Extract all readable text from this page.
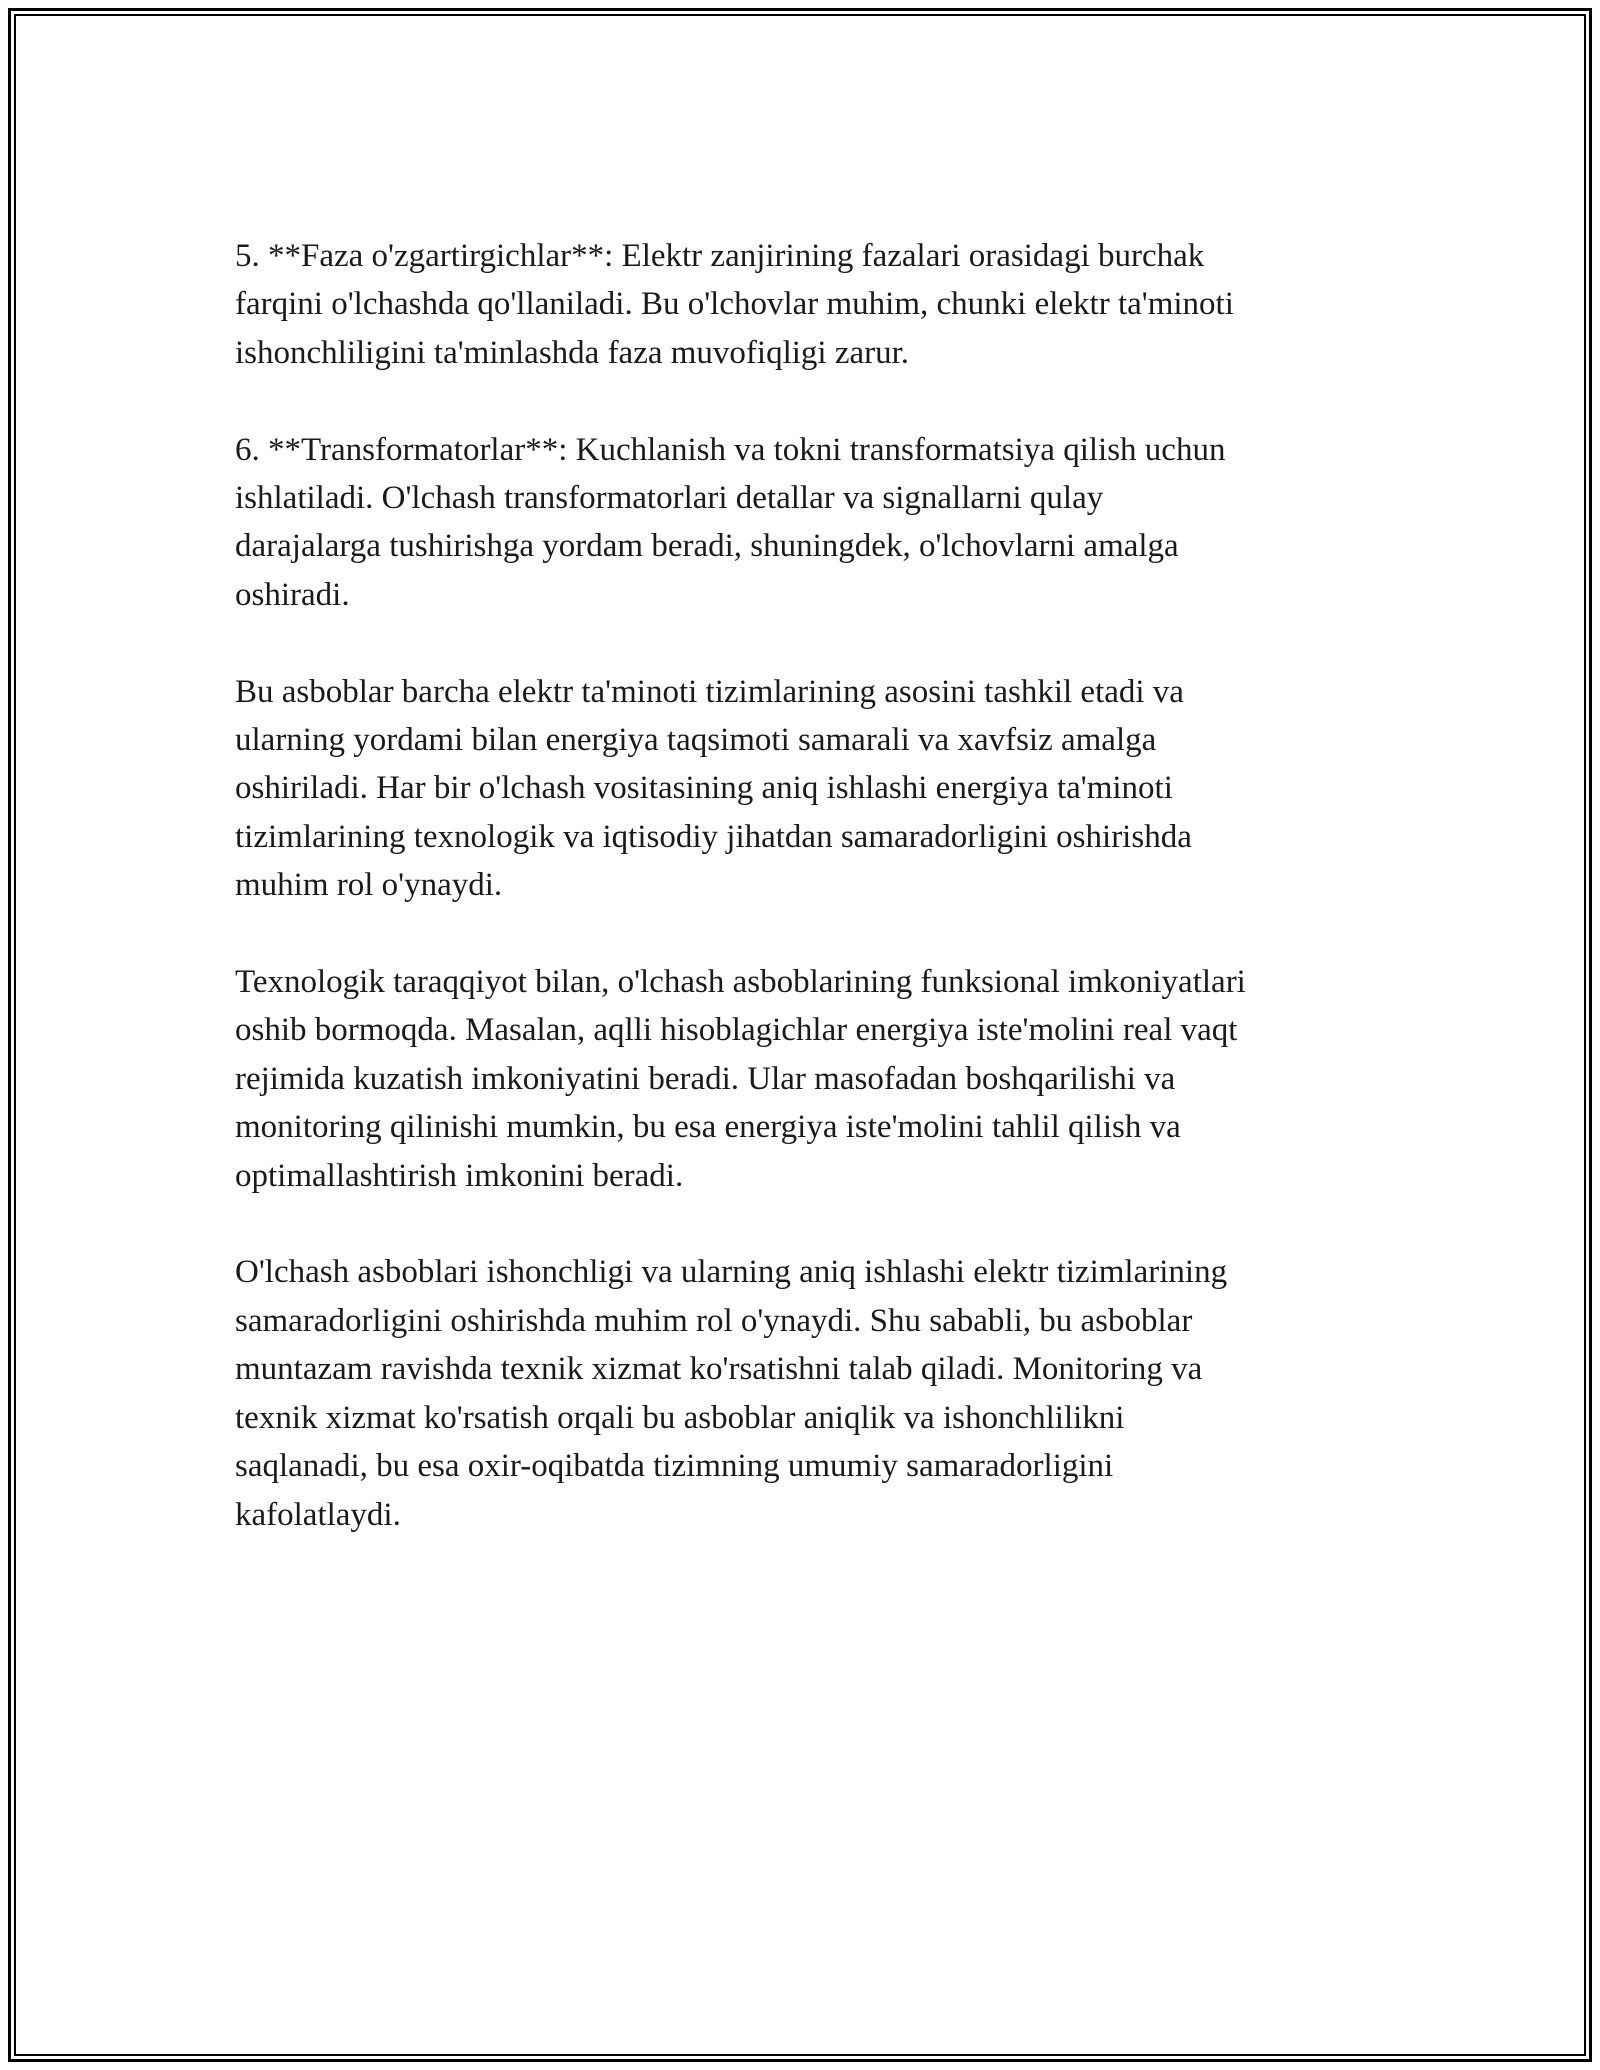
5. **Faza o'zgartirgichlar**: Elektr zanjirining fazalari orasidagi burchak
farqini o'lchashda qo'llaniladi. Bu o'lchovlar muhim, chunki elektr ta'minoti
ishonchliligini ta'minlashda faza muvofiqligi zarur.

6. **Transformatorlar**: Kuchlanish va tokni transformatsiya qilish uchun
ishlatiladi. O'lchash transformatorlari detallar va signallarni qulay
darajalarga tushirishga yordam beradi, shuningdek, o'lchovlarni amalga
oshiradi.

Bu asboblar barcha elektr ta'minoti tizimlarining asosini tashkil etadi va
ularning yordami bilan energiya taqsimoti samarali va xavfsiz amalga
oshiriladi. Har bir o'lchash vositasining aniq ishlashi energiya ta'minoti
tizimlarining texnologik va iqtisodiy jihatdan samaradorligini oshirishda
muhim rol o'ynaydi.

Texnologik taraqqiyot bilan, o'lchash asboblarining funksional imkoniyatlari
oshib bormoqda. Masalan, aqlli hisoblagichlar energiya iste'molini real vaqt
rejimida kuzatish imkoniyatini beradi. Ular masofadan boshqarilishi va
monitoring qilinishi mumkin, bu esa energiya iste'molini tahlil qilish va
optimallashtirish imkonini beradi.

O'lchash asboblari ishonchligi va ularning aniq ishlashi elektr tizimlarining
samaradorligini oshirishda muhim rol o'ynaydi. Shu sababli, bu asboblar
muntazam ravishda texnik xizmat ko'rsatishni talab qiladi. Monitoring va
texnik xizmat ko'rsatish orqali bu asboblar aniqlik va ishonchlilikni
saqlanadi, bu esa oxir-oqibatda tizimning umumiy samaradorligini
kafolatlaydi.
